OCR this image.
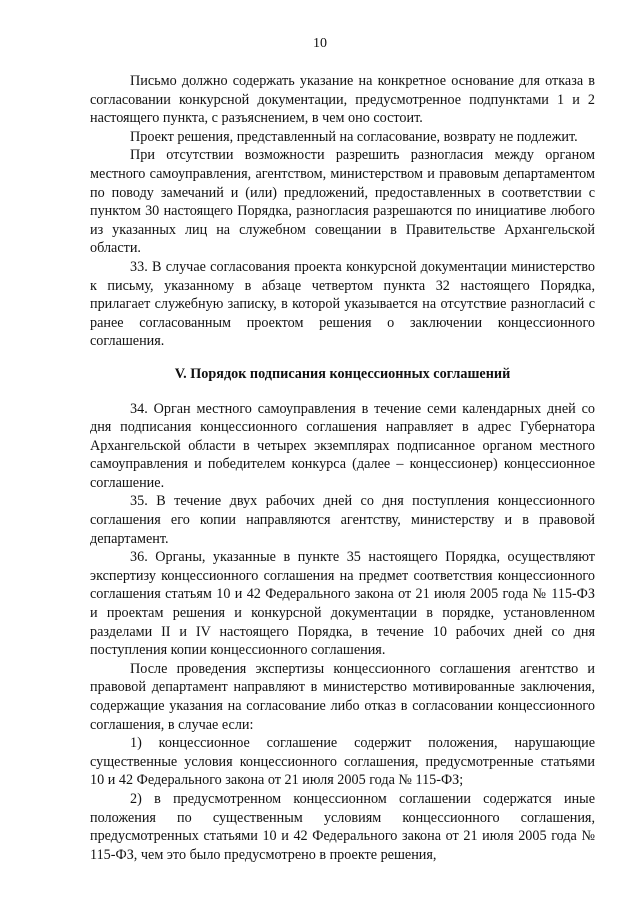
10

Письмо должно содержать указание на конкретное основание для отказа в согласовании конкурсной документации, предусмотренное подпунктами 1 и 2 настоящего пункта, с разъяснением, в чем оно состоит.

Проект решения, представленный на согласование, возврату не подлежит.

При отсутствии возможности разрешить разногласия между органом местного самоуправления, агентством, министерством и правовым департаментом по поводу замечаний и (или) предложений, предоставленных в соответствии с пунктом 30 настоящего Порядка, разногласия разрешаются по инициативе любого из указанных лиц на служебном совещании в Правительстве Архангельской области.

33. В случае согласования проекта конкурсной документации министерство к письму, указанному в абзаце четвертом пункта 32 настоящего Порядка, прилагает служебную записку, в которой указывается на отсутствие разногласий с ранее согласованным проектом решения о заключении концессионного соглашения.

V. Порядок подписания концессионных соглашений

34. Орган местного самоуправления в течение семи календарных дней со дня подписания концессионного соглашения направляет в адрес Губернатора Архангельской области в четырех экземплярах подписанное органом местного самоуправления и победителем конкурса (далее – концессионер) концессионное соглашение.

35. В течение двух рабочих дней со дня поступления концессионного соглашения его копии направляются агентству, министерству и в правовой департамент.

36. Органы, указанные в пункте 35 настоящего Порядка, осуществляют экспертизу концессионного соглашения на предмет соответствия концессионного соглашения статьям 10 и 42 Федерального закона от 21 июля 2005 года № 115-ФЗ и проектам решения и конкурсной документации в порядке, установленном разделами II и IV настоящего Порядка, в течение 10 рабочих дней со дня поступления копии концессионного соглашения.

После проведения экспертизы концессионного соглашения агентство и правовой департамент направляют в министерство мотивированные заключения, содержащие указания на согласование либо отказ в согласовании концессионного соглашения, в случае если:

1) концессионное соглашение содержит положения, нарушающие существенные условия концессионного соглашения, предусмотренные статьями 10 и 42 Федерального закона от 21 июля 2005 года № 115-ФЗ;

2) в предусмотренном концессионном соглашении содержатся иные положения по существенным условиям концессионного соглашения, предусмотренных статьями 10 и 42 Федерального закона от 21 июля 2005 года № 115-ФЗ, чем это было предусмотрено в проекте решения,
